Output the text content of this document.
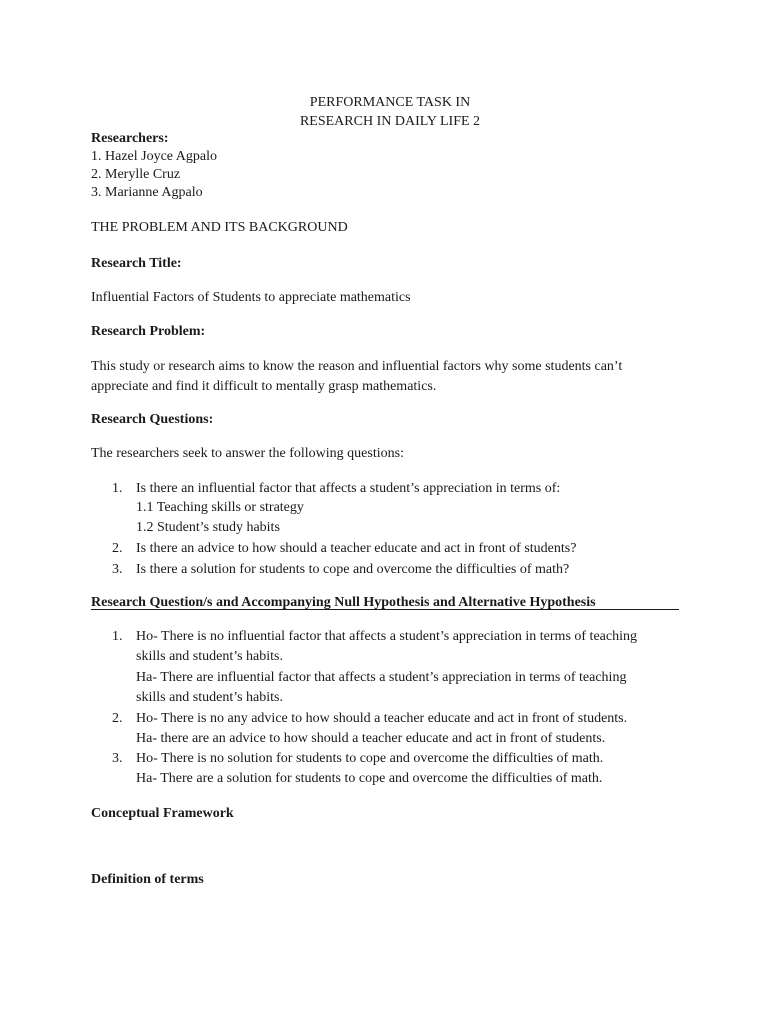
PERFORMANCE TASK IN
RESEARCH IN DAILY LIFE 2
Researchers:
1. Hazel Joyce Agpalo
2. Merylle Cruz
3. Marianne Agpalo
THE PROBLEM AND ITS BACKGROUND
Research Title:
Influential Factors of Students to appreciate mathematics
Research Problem:
This study or research aims to know the reason and influential factors why some students can’t
appreciate and find it difficult to mentally grasp mathematics.
Research Questions:
The researchers seek to answer the following questions:
1. Is there an influential factor that affects a student’s appreciation in terms of:
1.1 Teaching skills or strategy
1.2 Student’s study habits
2. Is there an advice to how should a teacher educate and act in front of students?
3. Is there a solution for students to cope and overcome the difficulties of math?
Research Question/s and Accompanying Null Hypothesis and Alternative Hypothesis
1. Ho- There is no influential factor that affects a student’s appreciation in terms of teaching
skills and student’s habits.
Ha- There are influential factor that affects a student’s appreciation in terms of teaching
skills and student’s habits.
2. Ho- There is no any advice to how should a teacher educate and act in front of students.
Ha- there are an advice to how should a teacher educate and act in front of students.
3. Ho- There is no solution for students to cope and overcome the difficulties of math.
Ha- There are a solution for students to cope and overcome the difficulties of math.
Conceptual Framework
Definition of terms
